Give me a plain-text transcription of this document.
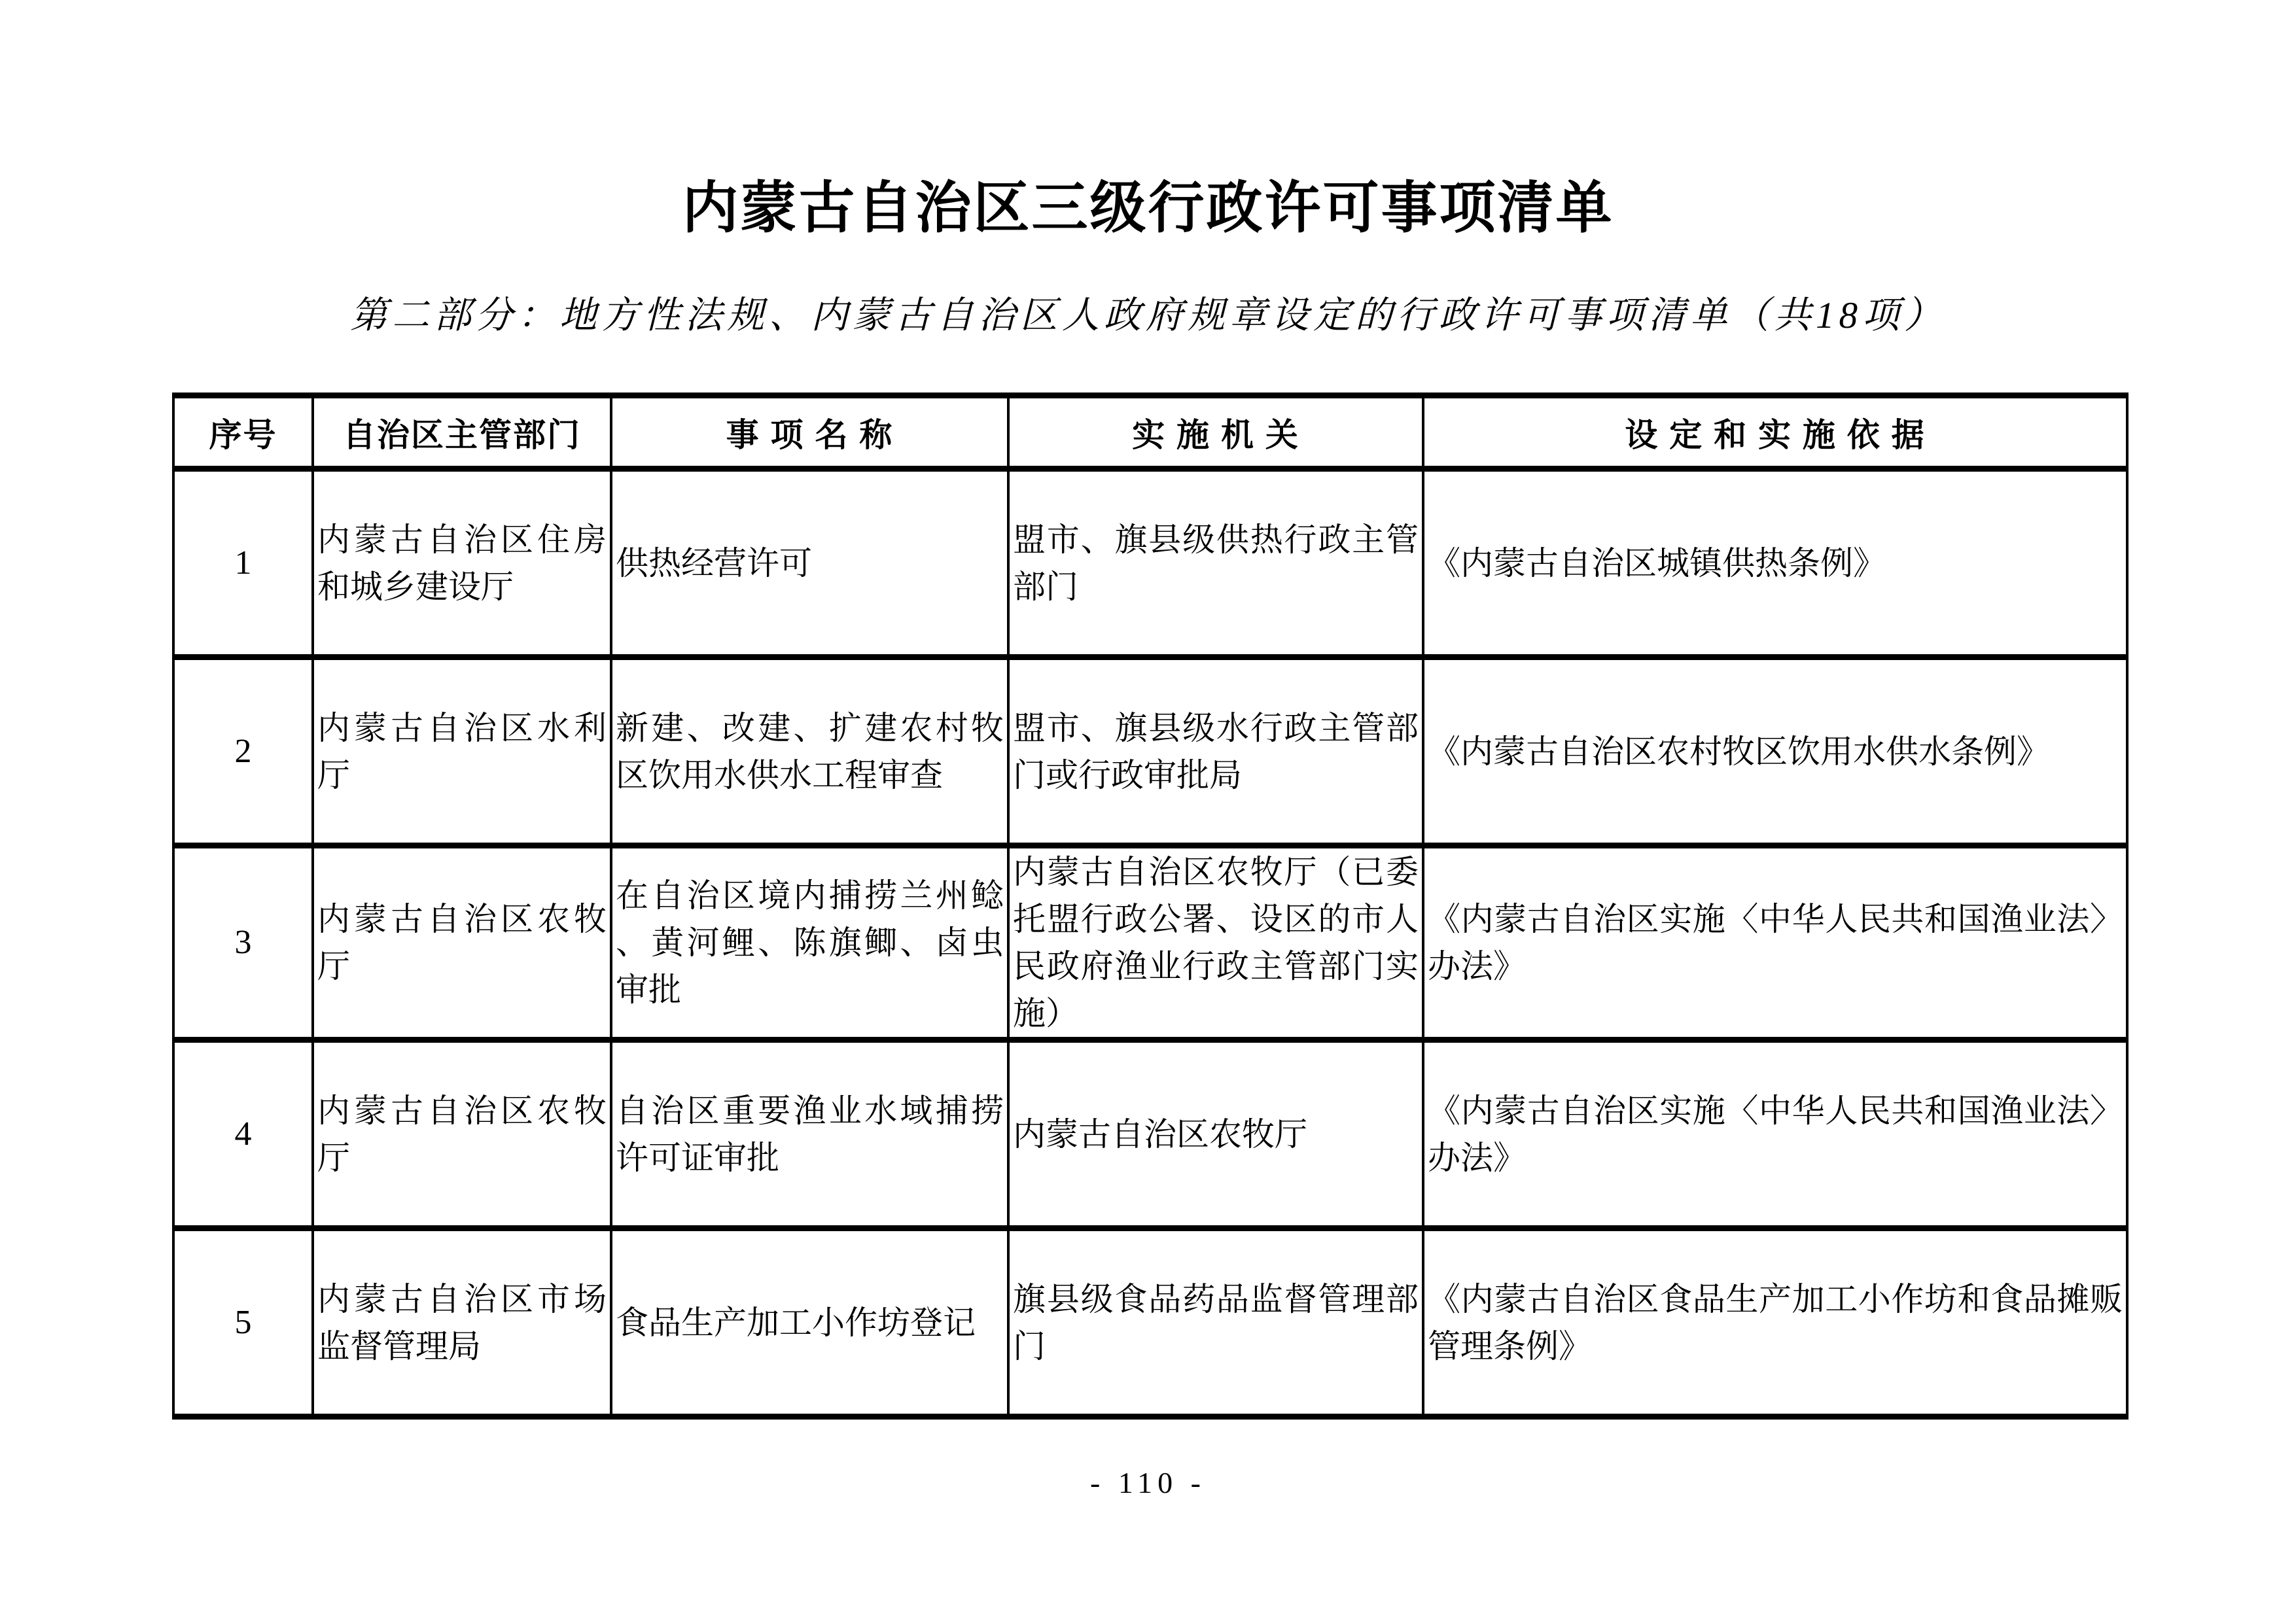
内蒙古自治区三级行政许可事项清单
第二部分：地方性法规、内蒙古自治区人政府规章设定的行政许可事项清单（共18项）
序号	自治区主管部门	事 项 名 称	实 施 机 关	设 定 和 实 施 依 据
1	内蒙古自治区住房和城乡建设厅	供热经营许可	盟市、旗县级供热行政主管部门	《内蒙古自治区城镇供热条例》
2	内蒙古自治区水利厅	新建、改建、扩建农村牧区饮用水供水工程审查	盟市、旗县级水行政主管部门或行政审批局	《内蒙古自治区农村牧区饮用水供水条例》
3	内蒙古自治区农牧厅	在自治区境内捕捞兰州鲶、黄河鲤、陈旗鲫、卤虫审批	内蒙古自治区农牧厅（已委托盟行政公署、设区的市人民政府渔业行政主管部门实施）	《内蒙古自治区实施〈中华人民共和国渔业法〉办法》
4	内蒙古自治区农牧厅	自治区重要渔业水域捕捞许可证审批	内蒙古自治区农牧厅	《内蒙古自治区实施〈中华人民共和国渔业法〉办法》
5	内蒙古自治区市场监督管理局	食品生产加工小作坊登记	旗县级食品药品监督管理部门	《内蒙古自治区食品生产加工小作坊和食品摊贩管理条例》
- 110 -
